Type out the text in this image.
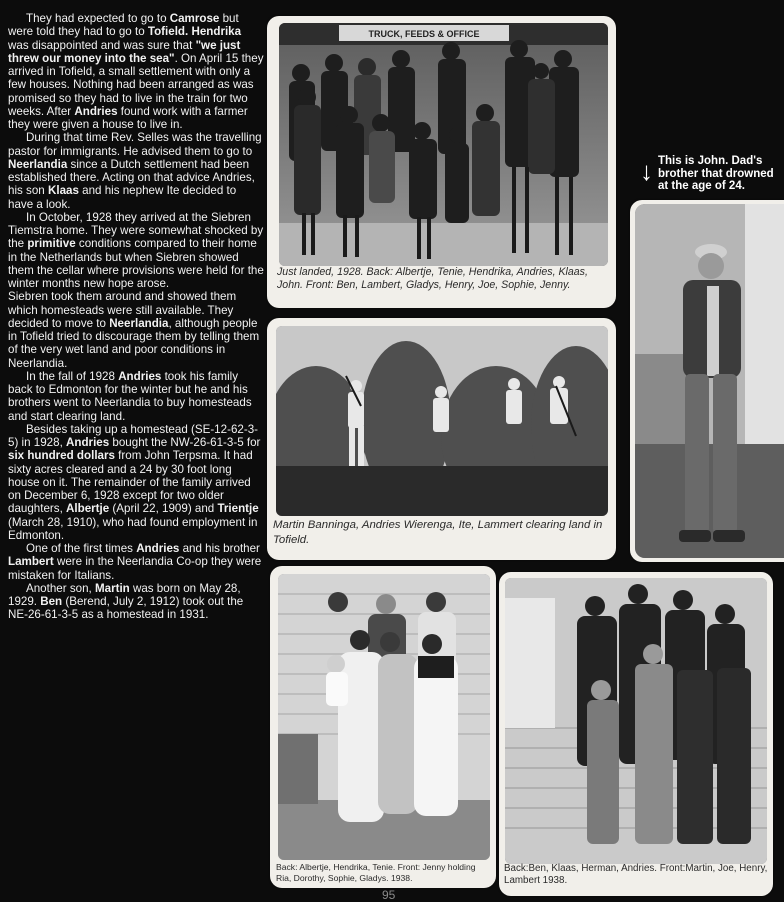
They had expected to go to Camrose but were told they had to go to Tofield. Hendrika was disappointed and was sure that "we just threw our money into the sea". On April 15 they arrived in Tofield, a small settlement with only a few houses. Nothing had been arranged as was promised so they had to live in the train for two weeks. After Andries found work with a farmer they were given a house to live in.

During that time Rev. Selles was the travelling pastor for immigrants. He advised them to go to Neerlandia since a Dutch settlement had been established there. Acting on that advice Andries, his son Klaas and his nephew Ite decided to have a look.

In October, 1928 they arrived at the Siebren Tiemstra home. They were somewhat shocked by the primitive conditions compared to their home in the Netherlands but when Siebren showed them the cellar where provisions were held for the winter months new hope arose.

Siebren took them around and showed them which homesteads were still available. They decided to move to Neerlandia, although people in Tofield tried to discourage them by telling them of the very wet land and poor conditions in Neerlandia.

In the fall of 1928 Andries took his family back to Edmonton for the winter but he and his brothers went to Neerlandia to buy homesteads and start clearing land.

Besides taking up a homestead (SE-12-62-3-5) in 1928, Andries bought the NW-26-61-3-5 for six hundred dollars from John Terpsma. It had sixty acres cleared and a 24 by 30 foot long house on it. The remainder of the family arrived on December 6, 1928 except for two older daughters, Albertje (April 22, 1909) and Trientje (March 28, 1910), who had found employment in Edmonton.

One of the first times Andries and his brother Lambert were in the Neerlandia Co-op they were mistaken for Italians.

Another son, Martin was born on May 28, 1929. Ben (Berend, July 2, 1912) took out the NE-26-61-3-5 as a homestead in 1931.

TRUCK, FEEDS & OFFICE
Just landed, 1928. Back: Albertje, Tenie, Hendrika, Andries, Klaas, John. Front: Ben, Lambert, Gladys, Henry, Joe, Sophie, Jenny.
Martin Banninga, Andries Wierenga, Ite, Lammert clearing land in Tofield.
↓ This is John. Dad's brother that drowned at the age of 24.
Back: Albertje, Hendrika, Tenie. Front: Jenny holding Ria, Dorothy, Sophie, Gladys. 1938.
Back:Ben, Klaas, Herman, Andries. Front:Martin, Joe, Henry, Lambert 1938.
95
